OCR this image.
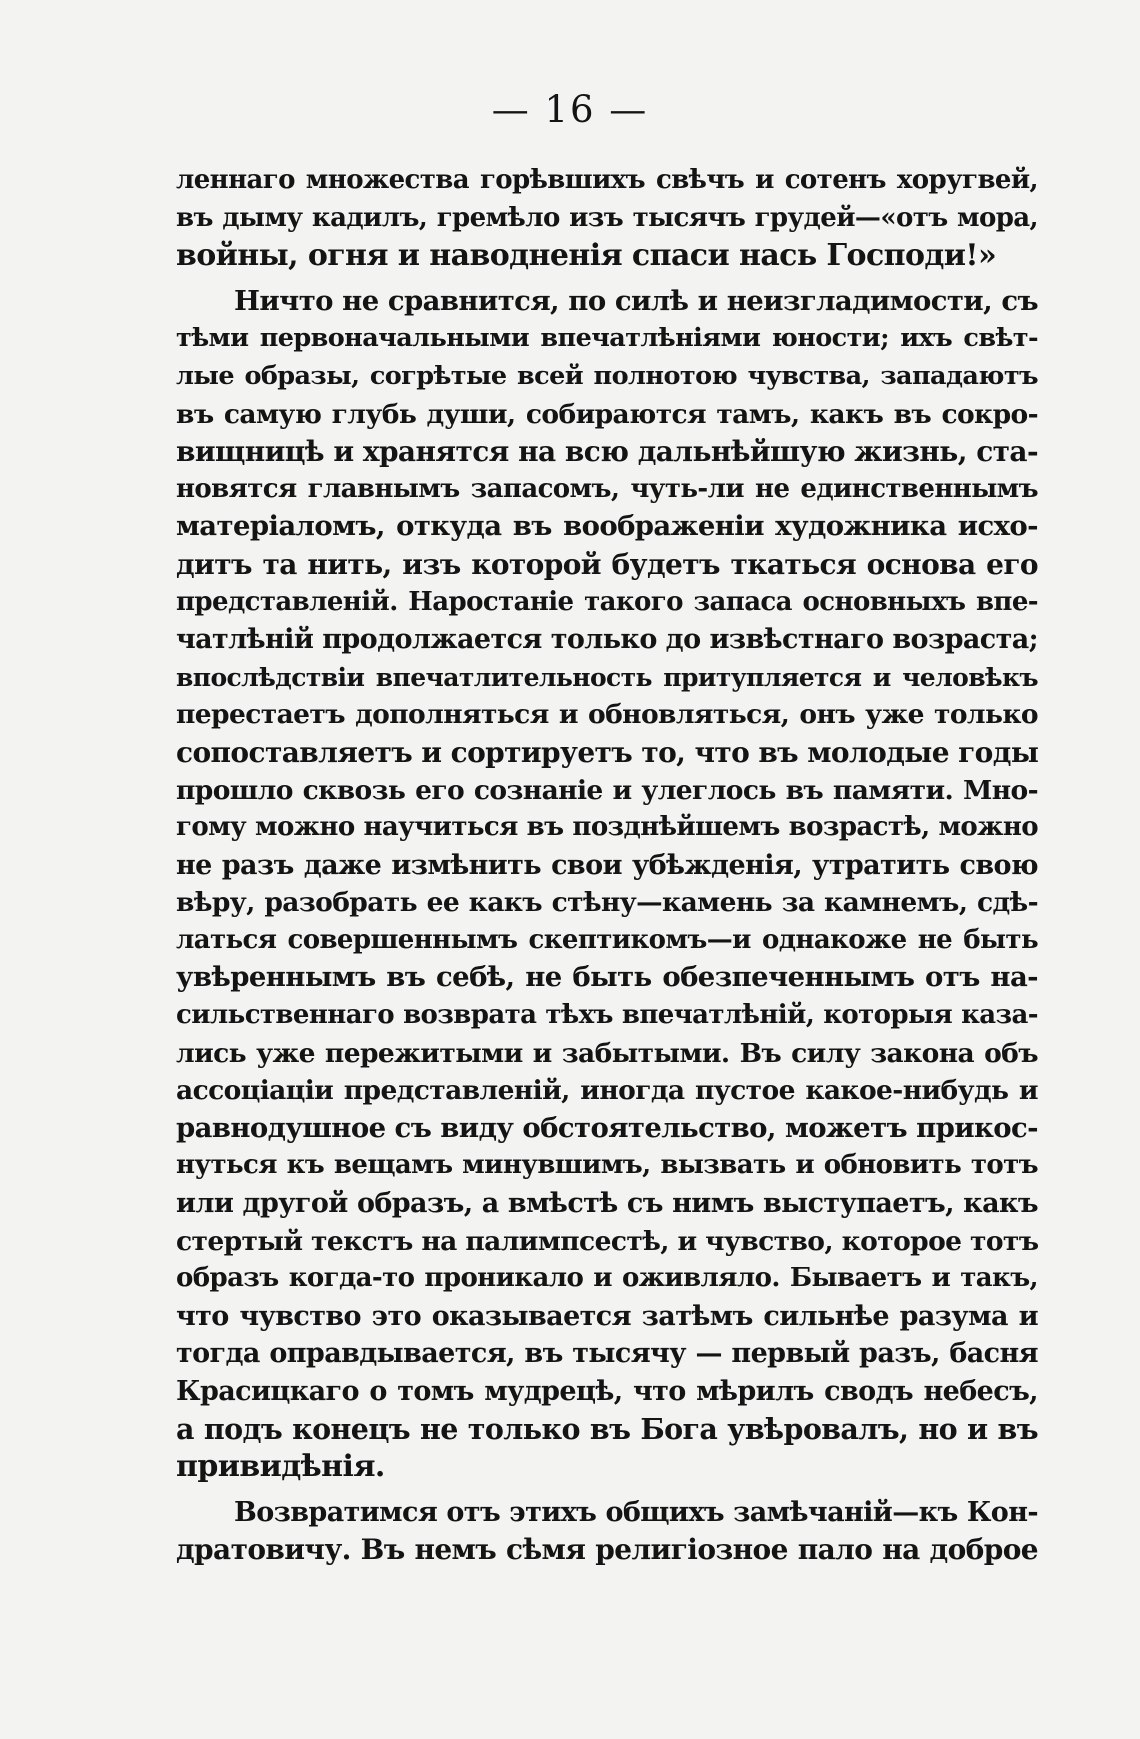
— 16 —
леннаго множества горѣвшихъ свѣчъ и сотенъ хоругвей,
въ дыму кадилъ, гремѣло изъ тысячъ грудей—«отъ мора,
войны, огня и наводненія спаси нась Господи!»
Ничто не сравнится, по силѣ и неизгладимости, съ
тѣми первоначальными впечатлѣніями юности; ихъ свѣт-
лые образы, согрѣтые всей полнотою чувства, западаютъ
въ самую глубь души, собираются тамъ, какъ въ сокро-
вищницѣ и хранятся на всю дальнѣйшую жизнь, ста-
новятся главнымъ запасомъ, чуть-ли не единственнымъ
матеріаломъ, откуда въ воображеніи художника исхо-
дитъ та нить, изъ которой будетъ ткаться основа его
представленій. Наростаніе такого запаса основныхъ впе-
чатлѣній продолжается только до извѣстнаго возраста;
впослѣдствіи впечатлительность притупляется и человѣкъ
перестаетъ дополняться и обновляться, онъ уже только
сопоставляетъ и сортируетъ то, что въ молодые годы
прошло сквозь его сознаніе и улеглось въ памяти. Мно-
гому можно научиться въ позднѣйшемъ возрастѣ, можно
не разъ даже измѣнить свои убѣжденія, утратить свою
вѣру, разобрать ее какъ стѣну—камень за камнемъ, сдѣ-
латься совершеннымъ скептикомъ—и однакоже не быть
увѣреннымъ въ себѣ, не быть обезпеченнымъ отъ на-
сильственнаго возврата тѣхъ впечатлѣній, которыя каза-
лись уже пережитыми и забытыми. Въ силу закона объ
ассоціаціи представленій, иногда пустое какое-нибудь и
равнодушное съ виду обстоятельство, можетъ прикос-
нуться къ вещамъ минувшимъ, вызвать и обновить тотъ
или другой образъ, а вмѣстѣ съ нимъ выступаетъ, какъ
стертый текстъ на палимпсестѣ, и чувство, которое тотъ
образъ когда-то проникало и оживляло. Бываетъ и такъ,
что чувство это оказывается затѣмъ сильнѣе разума и
тогда оправдывается, въ тысячу — первый разъ, басня
Красицкаго о томъ мудрецѣ, что мѣрилъ сводъ небесъ,
а подъ конецъ не только въ Бога увѣровалъ, но и въ
привидѣнія.
Возвратимся отъ этихъ общихъ замѣчаній—къ Кон-
дратовичу. Въ немъ сѣмя религіозное пало на доброе
